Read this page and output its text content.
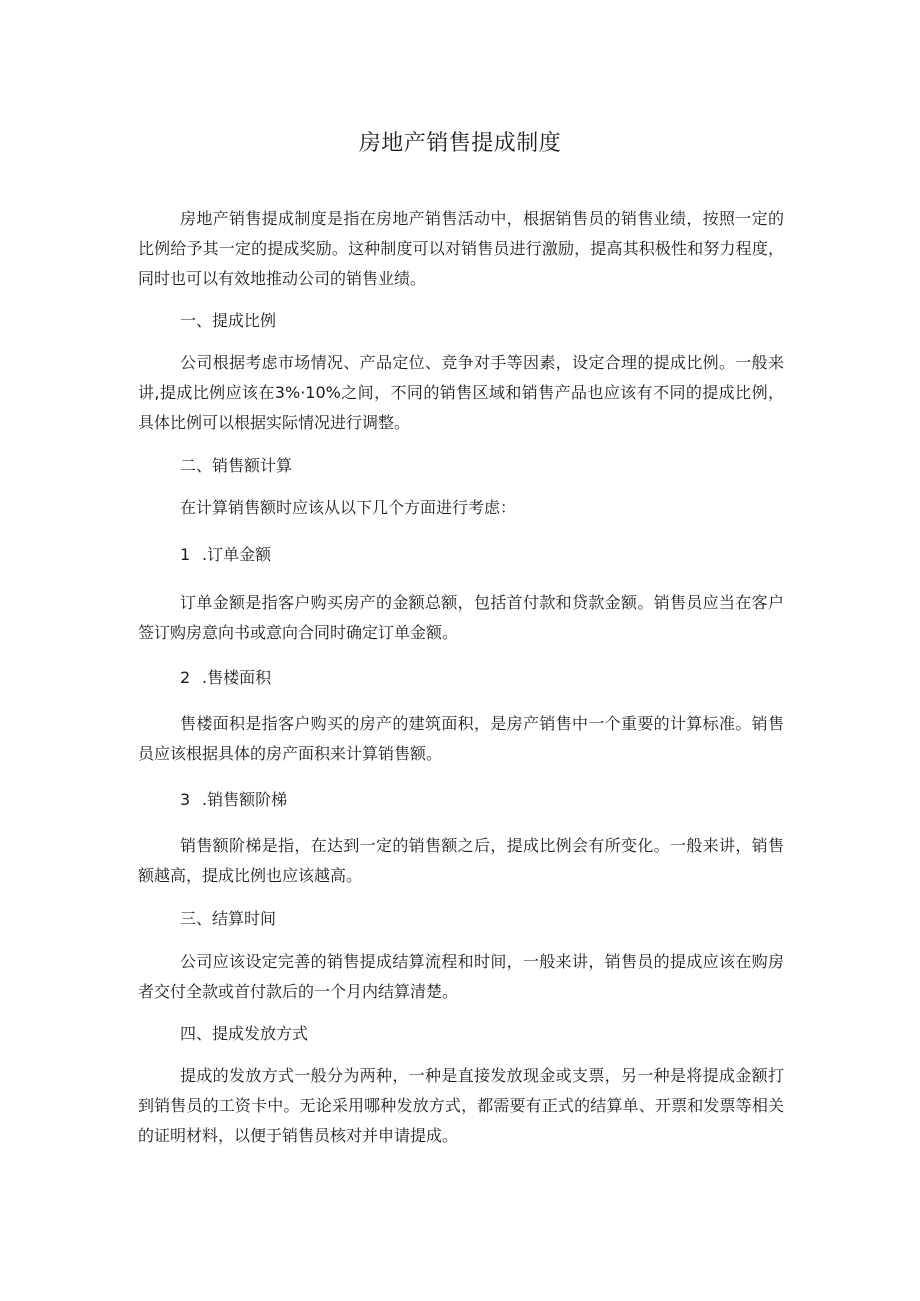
房地产销售提成制度
房地产销售提成制度是指在房地产销售活动中，根据销售员的销售业绩，按照一定的比例给予其一定的提成奖励。这种制度可以对销售员进行激励，提高其积极性和努力程度，同时也可以有效地推动公司的销售业绩。
一、提成比例
公司根据考虑市场情况、产品定位、竞争对手等因素，设定合理的提成比例。一般来讲,提成比例应该在3%·10%之间，不同的销售区域和销售产品也应该有不同的提成比例，具体比例可以根据实际情况进行调整。
二、销售额计算
在计算销售额时应该从以下几个方面进行考虑：
1 .订单金额
订单金额是指客户购买房产的金额总额，包括首付款和贷款金额。销售员应当在客户签订购房意向书或意向合同时确定订单金额。
2 .售楼面积
售楼面积是指客户购买的房产的建筑面积，是房产销售中一个重要的计算标准。销售员应该根据具体的房产面积来计算销售额。
3 .销售额阶梯
销售额阶梯是指，在达到一定的销售额之后，提成比例会有所变化。一般来讲，销售额越高，提成比例也应该越高。
三、结算时间
公司应该设定完善的销售提成结算流程和时间，一般来讲，销售员的提成应该在购房者交付全款或首付款后的一个月内结算清楚。
四、提成发放方式
提成的发放方式一般分为两种，一种是直接发放现金或支票，另一种是将提成金额打到销售员的工资卡中。无论采用哪种发放方式，都需要有正式的结算单、开票和发票等相关的证明材料，以便于销售员核对并申请提成。
